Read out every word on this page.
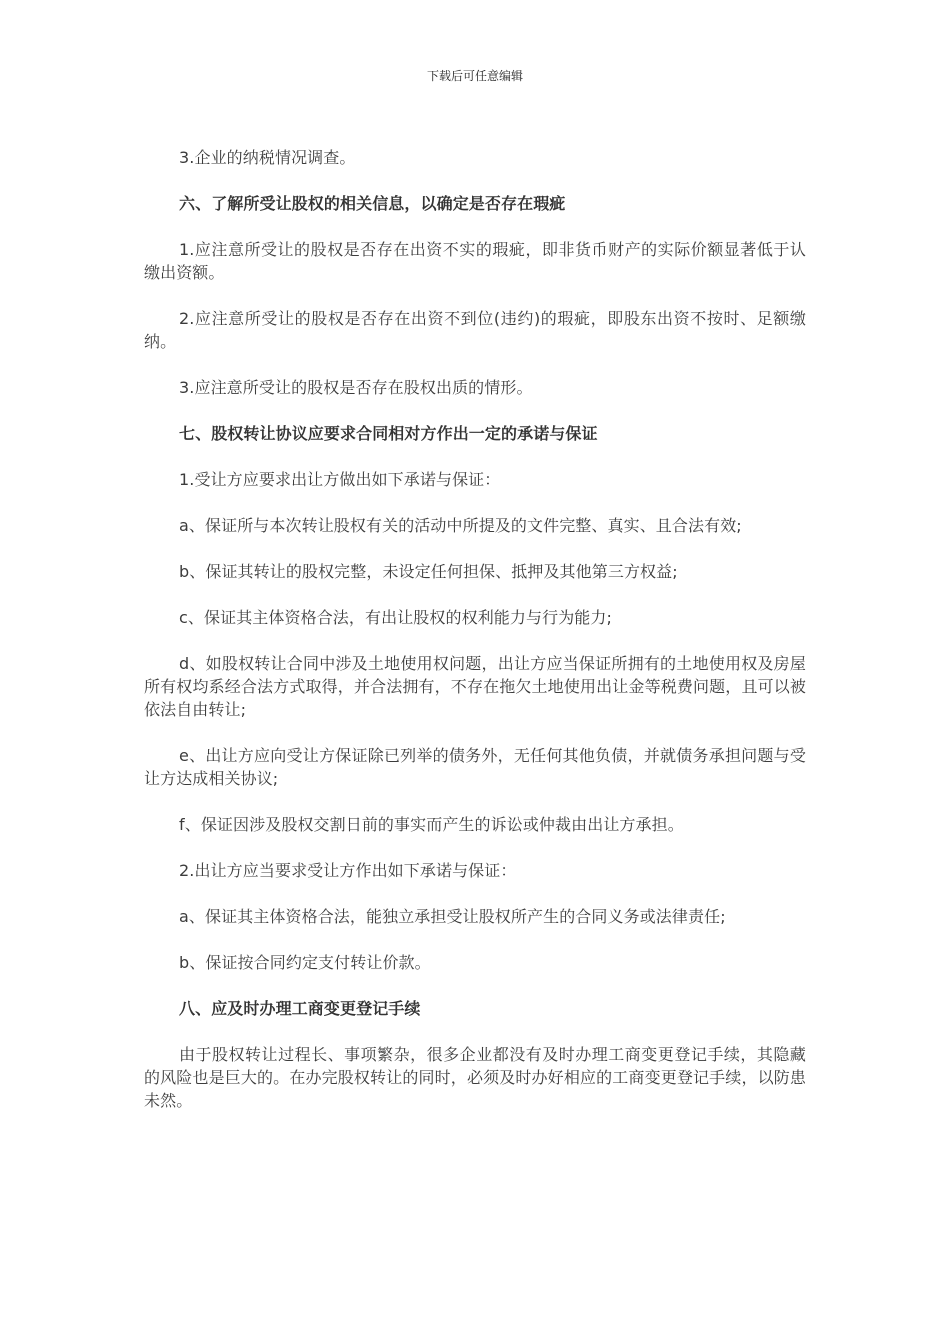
下载后可任意编辑

3.企业的纳税情况调查。

六、了解所受让股权的相关信息，以确定是否存在瑕疵

1.应注意所受让的股权是否存在出资不实的瑕疵，即非货币财产的实际价额显著低于认缴出资额。

2.应注意所受让的股权是否存在出资不到位(违约)的瑕疵，即股东出资不按时、足额缴纳。

3.应注意所受让的股权是否存在股权出质的情形。

七、股权转让协议应要求合同相对方作出一定的承诺与保证

1.受让方应要求出让方做出如下承诺与保证：

a、保证所与本次转让股权有关的活动中所提及的文件完整、真实、且合法有效;

b、保证其转让的股权完整，未设定任何担保、抵押及其他第三方权益;

c、保证其主体资格合法，有出让股权的权利能力与行为能力;

d、如股权转让合同中涉及土地使用权问题，出让方应当保证所拥有的土地使用权及房屋所有权均系经合法方式取得，并合法拥有，不存在拖欠土地使用出让金等税费问题，且可以被依法自由转让;

e、出让方应向受让方保证除已列举的债务外，无任何其他负债，并就债务承担问题与受让方达成相关协议;

f、保证因涉及股权交割日前的事实而产生的诉讼或仲裁由出让方承担。

2.出让方应当要求受让方作出如下承诺与保证：

a、保证其主体资格合法，能独立承担受让股权所产生的合同义务或法律责任;

b、保证按合同约定支付转让价款。

八、应及时办理工商变更登记手续

由于股权转让过程长、事项繁杂，很多企业都没有及时办理工商变更登记手续，其隐藏的风险也是巨大的。在办完股权转让的同时，必须及时办好相应的工商变更登记手续，以防患未然。
